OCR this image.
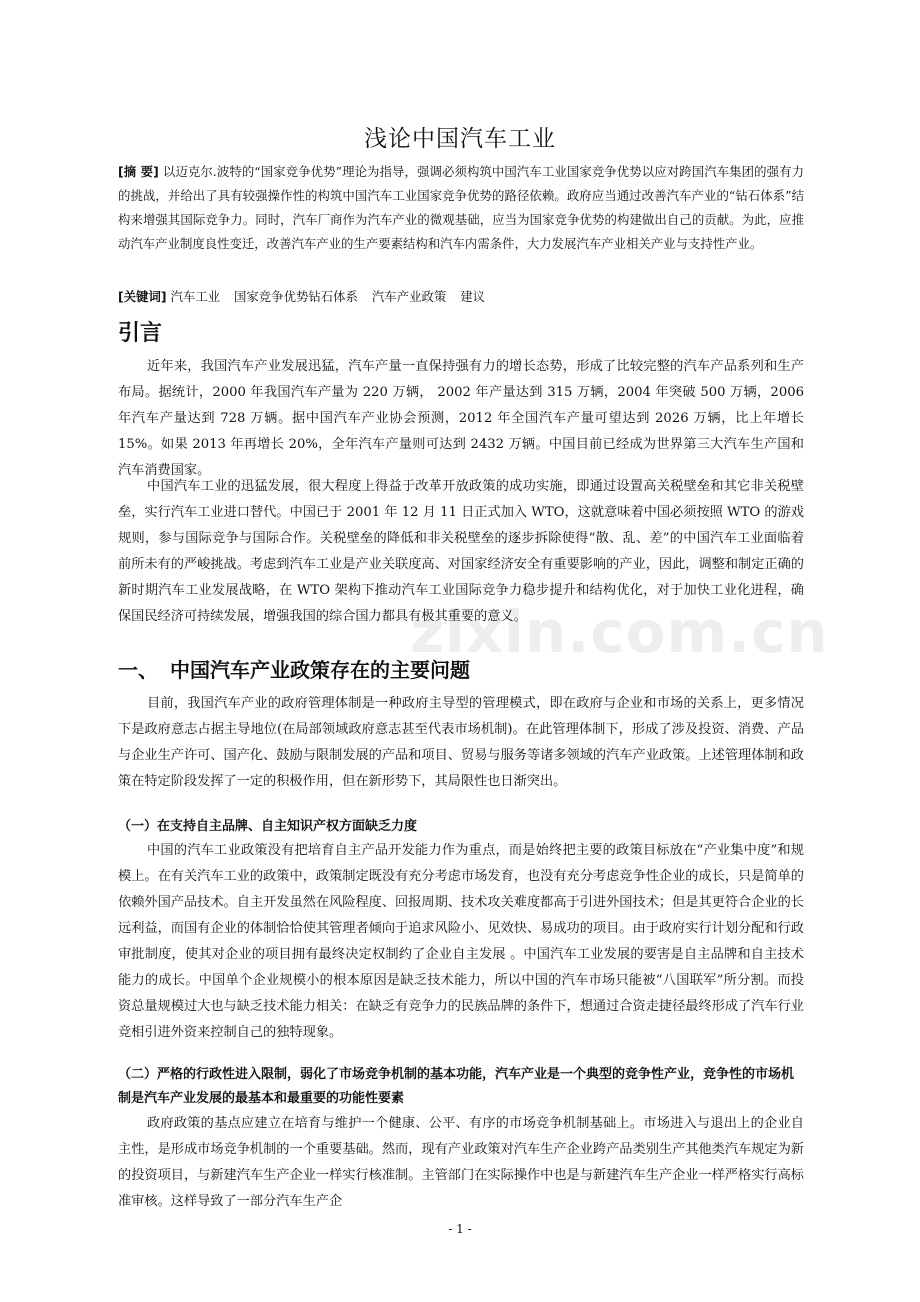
zixin.com.cn
浅论中国汽车工业

[摘 要] 以迈克尔.波特的“国家竞争优势”理论为指导，强调必须构筑中国汽车工业国家竞争优势以应对跨国汽车集团的强有力的挑战，并给出了具有较强操作性的构筑中国汽车工业国家竞争优势的路径依赖。政府应当通过改善汽车产业的“钻石体系”结构来增强其国际竞争力。同时，汽车厂商作为汽车产业的微观基础，应当为国家竞争优势的构建做出自己的贡献。为此，应推动汽车产业制度良性变迁，改善汽车产业的生产要素结构和汽车内需条件，大力发展汽车产业相关产业与支持性产业。

[关键词] 汽车工业 国家竞争优势钻石体系 汽车产业政策 建议

引言

近年来，我国汽车产业发展迅猛，汽车产量一直保持强有力的增长态势，形成了比较完整的汽车产品系列和生产布局。据统计，2000 年我国汽车产量为 220 万辆， 2002 年产量达到 315 万辆，2004 年突破 500 万辆，2006 年汽车产量达到 728 万辆。据中国汽车产业协会预测，2012 年全国汽车产量可望达到 2026 万辆，比上年增长 15%。如果 2013 年再增长 20%，全年汽车产量则可达到 2432 万辆。中国目前已经成为世界第三大汽车生产国和汽车消费国家。

中国汽车工业的迅猛发展，很大程度上得益于改革开放政策的成功实施，即通过设置高关税壁垒和其它非关税壁垒，实行汽车工业进口替代。中国已于 2001 年 12 月 11 日正式加入 WTO，这就意味着中国必须按照 WTO 的游戏规则，参与国际竞争与国际合作。关税壁垒的降低和非关税壁垒的逐步拆除使得“散、乱、差”的中国汽车工业面临着前所未有的严峻挑战。考虑到汽车工业是产业关联度高、对国家经济安全有重要影响的产业，因此，调整和制定正确的新时期汽车工业发展战略，在 WTO 架构下推动汽车工业国际竞争力稳步提升和结构优化，对于加快工业化进程，确保国民经济可持续发展，增强我国的综合国力都具有极其重要的意义。

一、 中国汽车产业政策存在的主要问题

目前，我国汽车产业的政府管理体制是一种政府主导型的管理模式，即在政府与企业和市场的关系上，更多情况下是政府意志占据主导地位(在局部领域政府意志甚至代表市场机制)。在此管理体制下，形成了涉及投资、消费、产品与企业生产许可、国产化、鼓励与限制发展的产品和项目、贸易与服务等诸多领域的汽车产业政策。上述管理体制和政策在特定阶段发挥了一定的积极作用，但在新形势下，其局限性也日渐突出。

（一）在支持自主品牌、自主知识产权方面缺乏力度

中国的汽车工业政策没有把培育自主产品开发能力作为重点，而是始终把主要的政策目标放在“产业集中度”和规模上。在有关汽车工业的政策中，政策制定既没有充分考虑市场发育，也没有充分考虑竞争性企业的成长，只是简单的依赖外国产品技术。自主开发虽然在风险程度、回报周期、技术攻关难度都高于引进外国技术；但是其更符合企业的长远利益，而国有企业的体制恰恰使其管理者倾向于追求风险小、见效快、易成功的项目。由于政府实行计划分配和行政审批制度，使其对企业的项目拥有最终决定权制约了企业自主发展 。中国汽车工业发展的要害是自主品牌和自主技术能力的成长。中国单个企业规模小的根本原因是缺乏技术能力，所以中国的汽车市场只能被“八国联军”所分割。而投资总量规模过大也与缺乏技术能力相关：在缺乏有竞争力的民族品牌的条件下，想通过合资走捷径最终形成了汽车行业竞相引进外资来控制自己的独特现象。

（二）严格的行政性进入限制，弱化了市场竞争机制的基本功能，汽车产业是一个典型的竞争性产业，竞争性的市场机制是汽车产业发展的最基本和最重要的功能性要素

政府政策的基点应建立在培育与维护一个健康、公平、有序的市场竞争机制基础上。市场进入与退出上的企业自主性，是形成市场竞争机制的一个重要基础。然而，现有产业政策对汽车生产企业跨产品类别生产其他类汽车规定为新的投资项目，与新建汽车生产企业一样实行核准制。主管部门在实际操作中也是与新建汽车生产企业一样严格实行高标准审核。这样导致了一部分汽车生产企

- 1 -
